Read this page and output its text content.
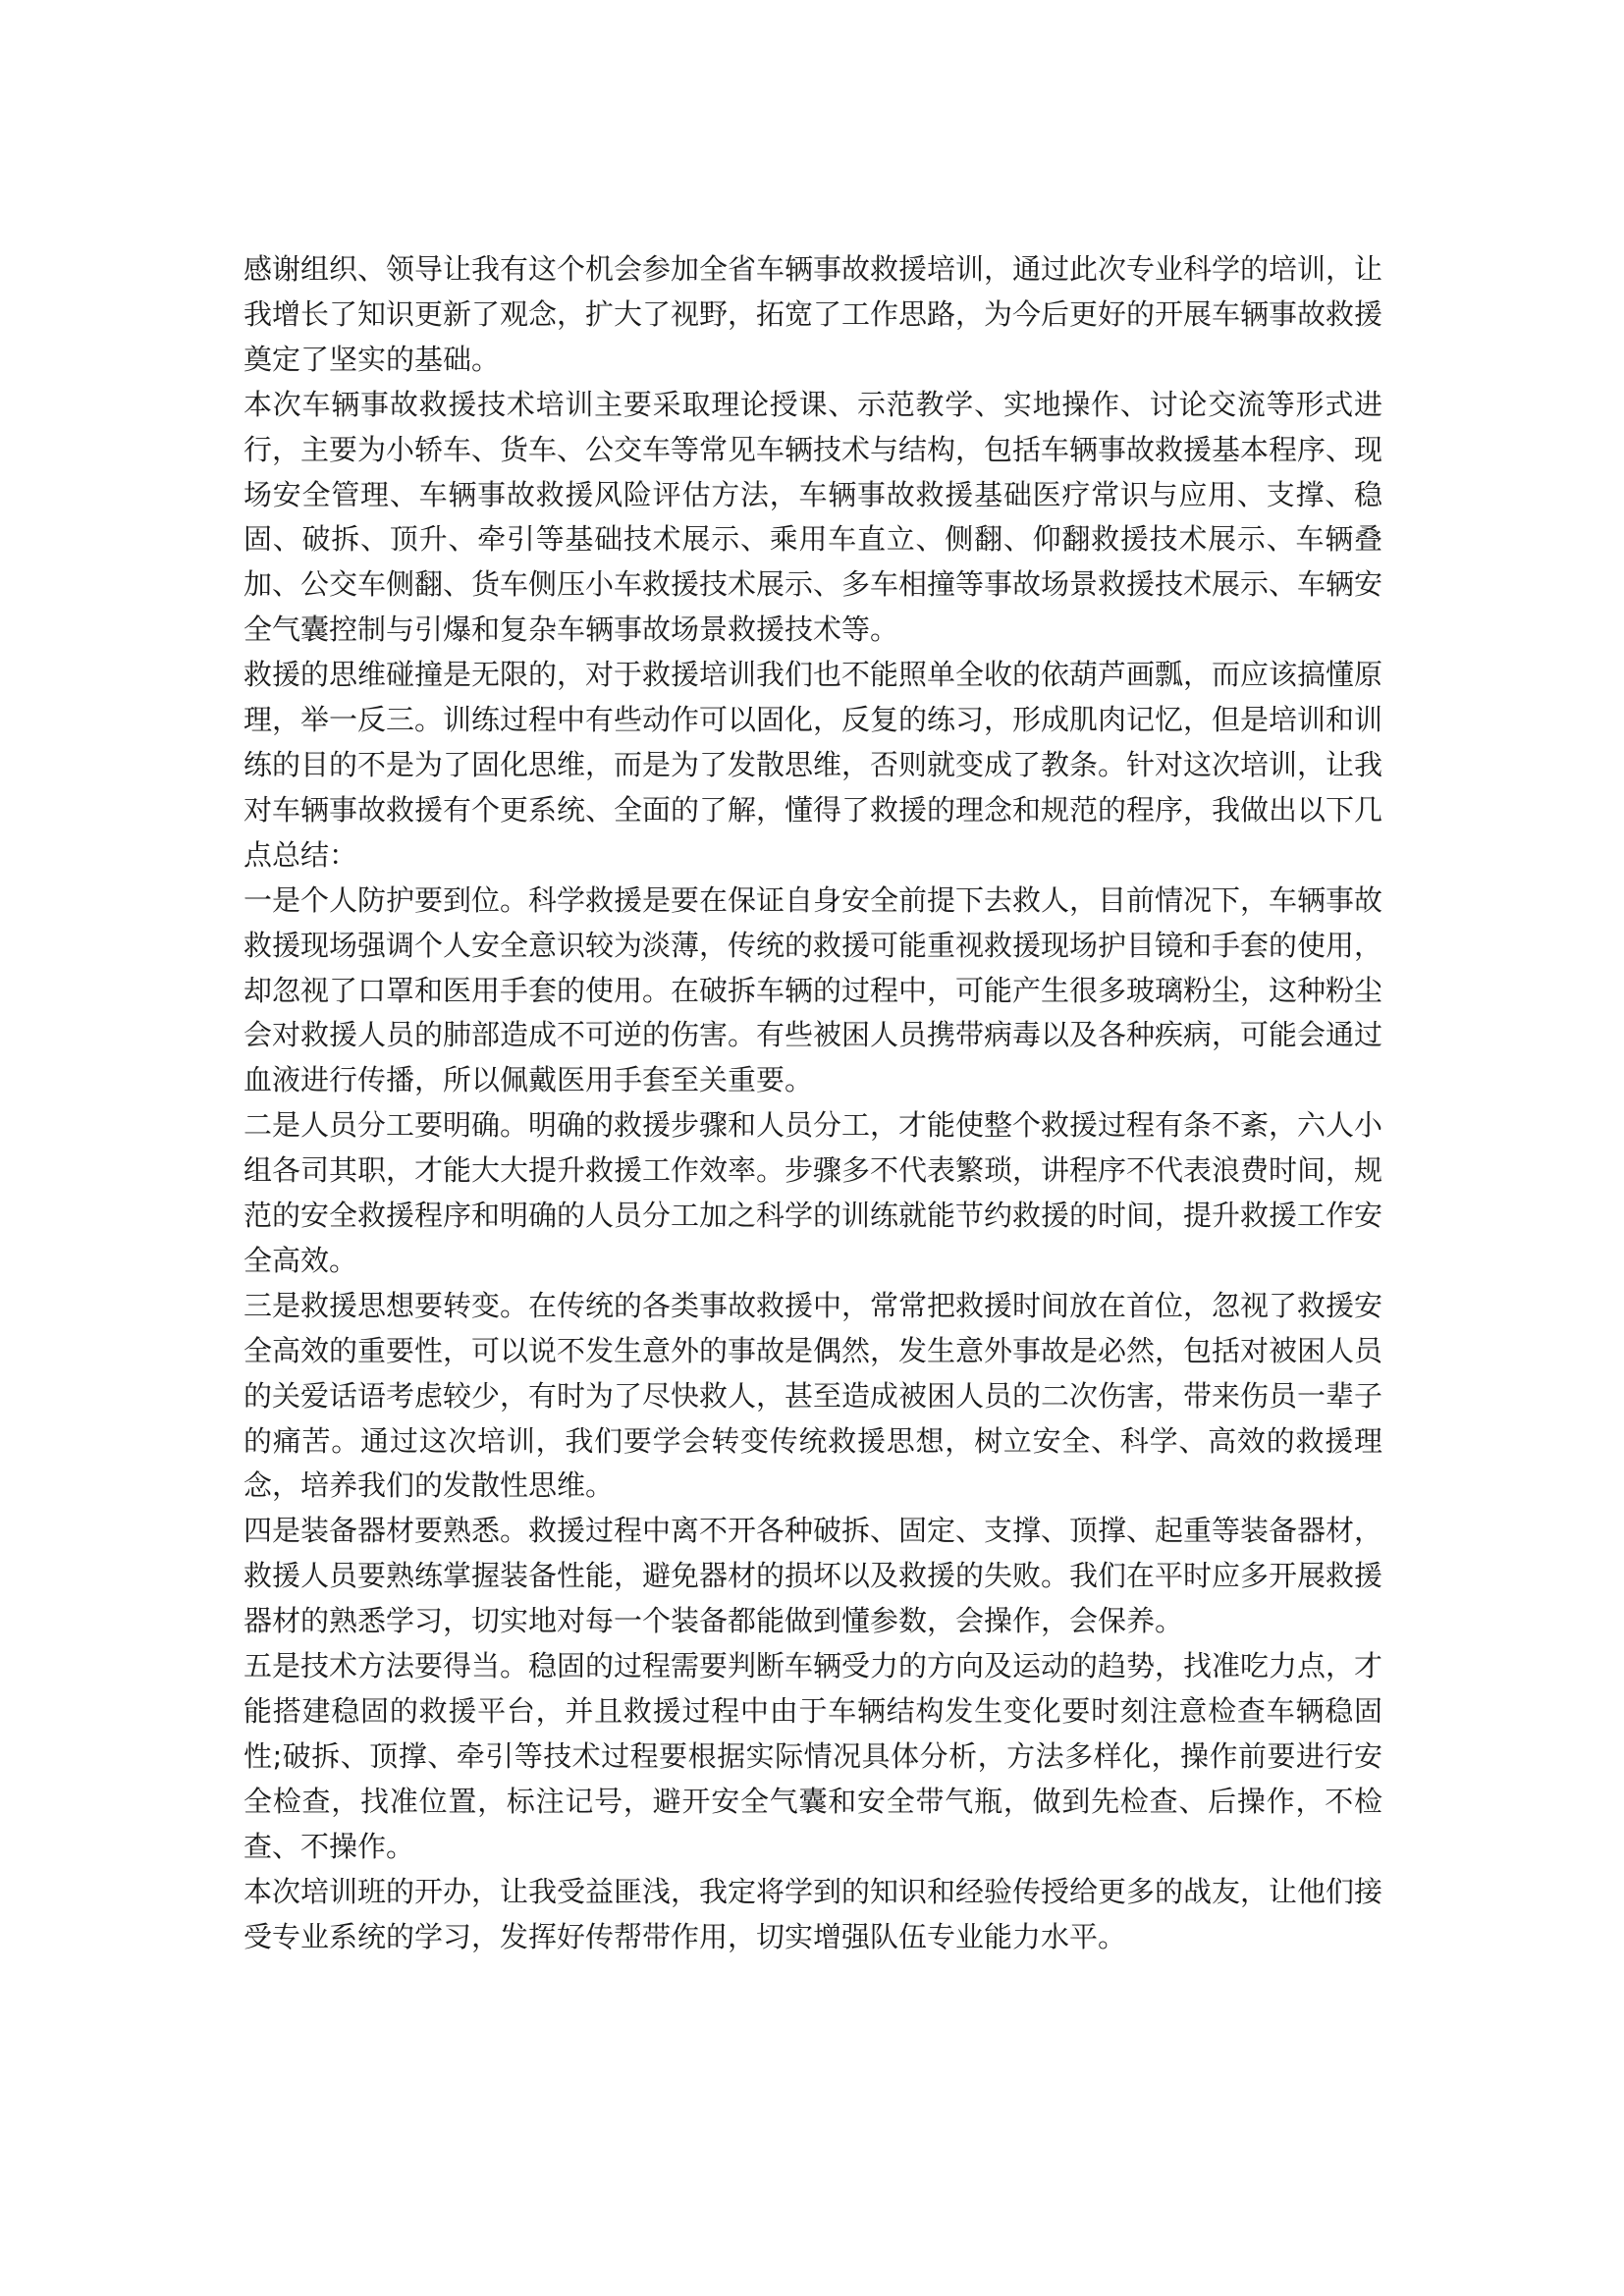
感谢组织、领导让我有这个机会参加全省车辆事故救援培训，通过此次专业科学的培训，让我增长了知识更新了观念，扩大了视野，拓宽了工作思路，为今后更好的开展车辆事故救援奠定了坚实的基础。

本次车辆事故救援技术培训主要采取理论授课、示范教学、实地操作、讨论交流等形式进行，主要为小轿车、货车、公交车等常见车辆技术与结构，包括车辆事故救援基本程序、现场安全管理、车辆事故救援风险评估方法，车辆事故救援基础医疗常识与应用、支撑、稳固、破拆、顶升、牵引等基础技术展示、乘用车直立、侧翻、仰翻救援技术展示、车辆叠加、公交车侧翻、货车侧压小车救援技术展示、多车相撞等事故场景救援技术展示、车辆安全气囊控制与引爆和复杂车辆事故场景救援技术等。

救援的思维碰撞是无限的，对于救援培训我们也不能照单全收的依葫芦画瓢，而应该搞懂原理，举一反三。训练过程中有些动作可以固化，反复的练习，形成肌肉记忆，但是培训和训练的目的不是为了固化思维，而是为了发散思维，否则就变成了教条。针对这次培训，让我对车辆事故救援有个更系统、全面的了解，懂得了救援的理念和规范的程序，我做出以下几点总结：

一是个人防护要到位。科学救援是要在保证自身安全前提下去救人，目前情况下，车辆事故救援现场强调个人安全意识较为淡薄，传统的救援可能重视救援现场护目镜和手套的使用，却忽视了口罩和医用手套的使用。在破拆车辆的过程中，可能产生很多玻璃粉尘，这种粉尘会对救援人员的肺部造成不可逆的伤害。有些被困人员携带病毒以及各种疾病，可能会通过血液进行传播，所以佩戴医用手套至关重要。

二是人员分工要明确。明确的救援步骤和人员分工，才能使整个救援过程有条不紊，六人小组各司其职，才能大大提升救援工作效率。步骤多不代表繁琐，讲程序不代表浪费时间，规范的安全救援程序和明确的人员分工加之科学的训练就能节约救援的时间，提升救援工作安全高效。

三是救援思想要转变。在传统的各类事故救援中，常常把救援时间放在首位，忽视了救援安全高效的重要性，可以说不发生意外的事故是偶然，发生意外事故是必然，包括对被困人员的关爱话语考虑较少，有时为了尽快救人，甚至造成被困人员的二次伤害，带来伤员一辈子的痛苦。通过这次培训，我们要学会转变传统救援思想，树立安全、科学、高效的救援理念，培养我们的发散性思维。

四是装备器材要熟悉。救援过程中离不开各种破拆、固定、支撑、顶撑、起重等装备器材，救援人员要熟练掌握装备性能，避免器材的损坏以及救援的失败。我们在平时应多开展救援器材的熟悉学习，切实地对每一个装备都能做到懂参数，会操作，会保养。

五是技术方法要得当。稳固的过程需要判断车辆受力的方向及运动的趋势，找准吃力点，才能搭建稳固的救援平台，并且救援过程中由于车辆结构发生变化要时刻注意检查车辆稳固性;破拆、顶撑、牵引等技术过程要根据实际情况具体分析，方法多样化，操作前要进行安全检查，找准位置，标注记号，避开安全气囊和安全带气瓶，做到先检查、后操作，不检查、不操作。

本次培训班的开办，让我受益匪浅，我定将学到的知识和经验传授给更多的战友，让他们接受专业系统的学习，发挥好传帮带作用，切实增强队伍专业能力水平。
